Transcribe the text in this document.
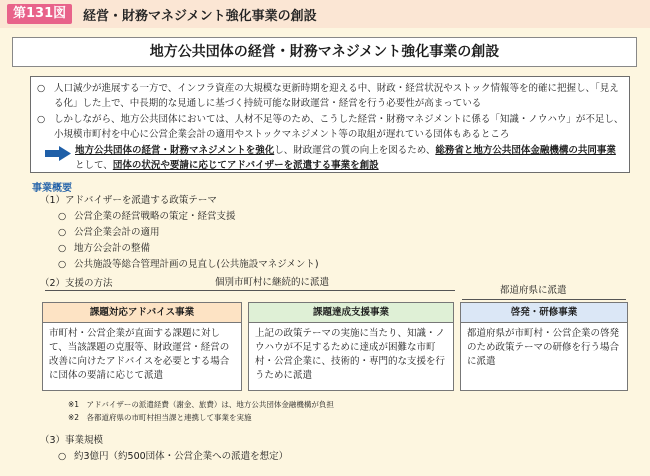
第131図	経営・財務マネジメント強化事業の創設
地方公共団体の経営・財務マネジメント強化事業の創設
○ 人口減少が進展する一方で、インフラ資産の大規模な更新時期を迎える中、財政・経営状況やストック情報等を的確に把握し、「見える化」した上で、中長期的な見通しに基づく持続可能な財政運営・経営を行う必要性が高まっている
○ しかしながら、地方公共団体においては、人材不足等のため、こうした経営・財務マネジメントに係る「知識・ノウハウ」が不足し、小規模市町村を中心に公営企業会計の適用やストックマネジメント等の取組が遅れている団体もあるところ
地方公共団体の経営・財務マネジメントを強化し、財政運営の質の向上を図るため、総務省と地方公共団体金融機構の共同事業として、団体の状況や要請に応じてアドバイザーを派遣する事業を創設
事業概要
（1）アドバイザーを派遣する政策テーマ
○ 公営企業の経営戦略の策定・経営支援
○ 公営企業会計の適用
○ 地方公会計の整備
○ 公共施設等総合管理計画の見直し(公共施設マネジメント)
（2）支援の方法	個別市町村に継続的に派遣
都道府県に派遣
課題対応アドバイス事業
市町村・公営企業が直面する課題に対して、当該課題の克服等、財政運営・経営の改善に向けたアドバイスを必要とする場合に団体の要請に応じて派遣
課題達成支援事業
上記の政策テーマの実施に当たり、知識・ノウハウが不足するために達成が困難な市町村・公営企業に、技術的・専門的な支援を行うために派遣
啓発・研修事業
都道府県が市町村・公営企業の啓発のため政策テーマの研修を行う場合に派遣
※1　アドバイザーの派遣経費（謝金、旅費）は、地方公共団体金融機構が負担
※2　各都道府県の市町村担当課と連携して事業を実施
（3）事業規模
○ 約3億円（約500団体・公営企業への派遣を想定）
